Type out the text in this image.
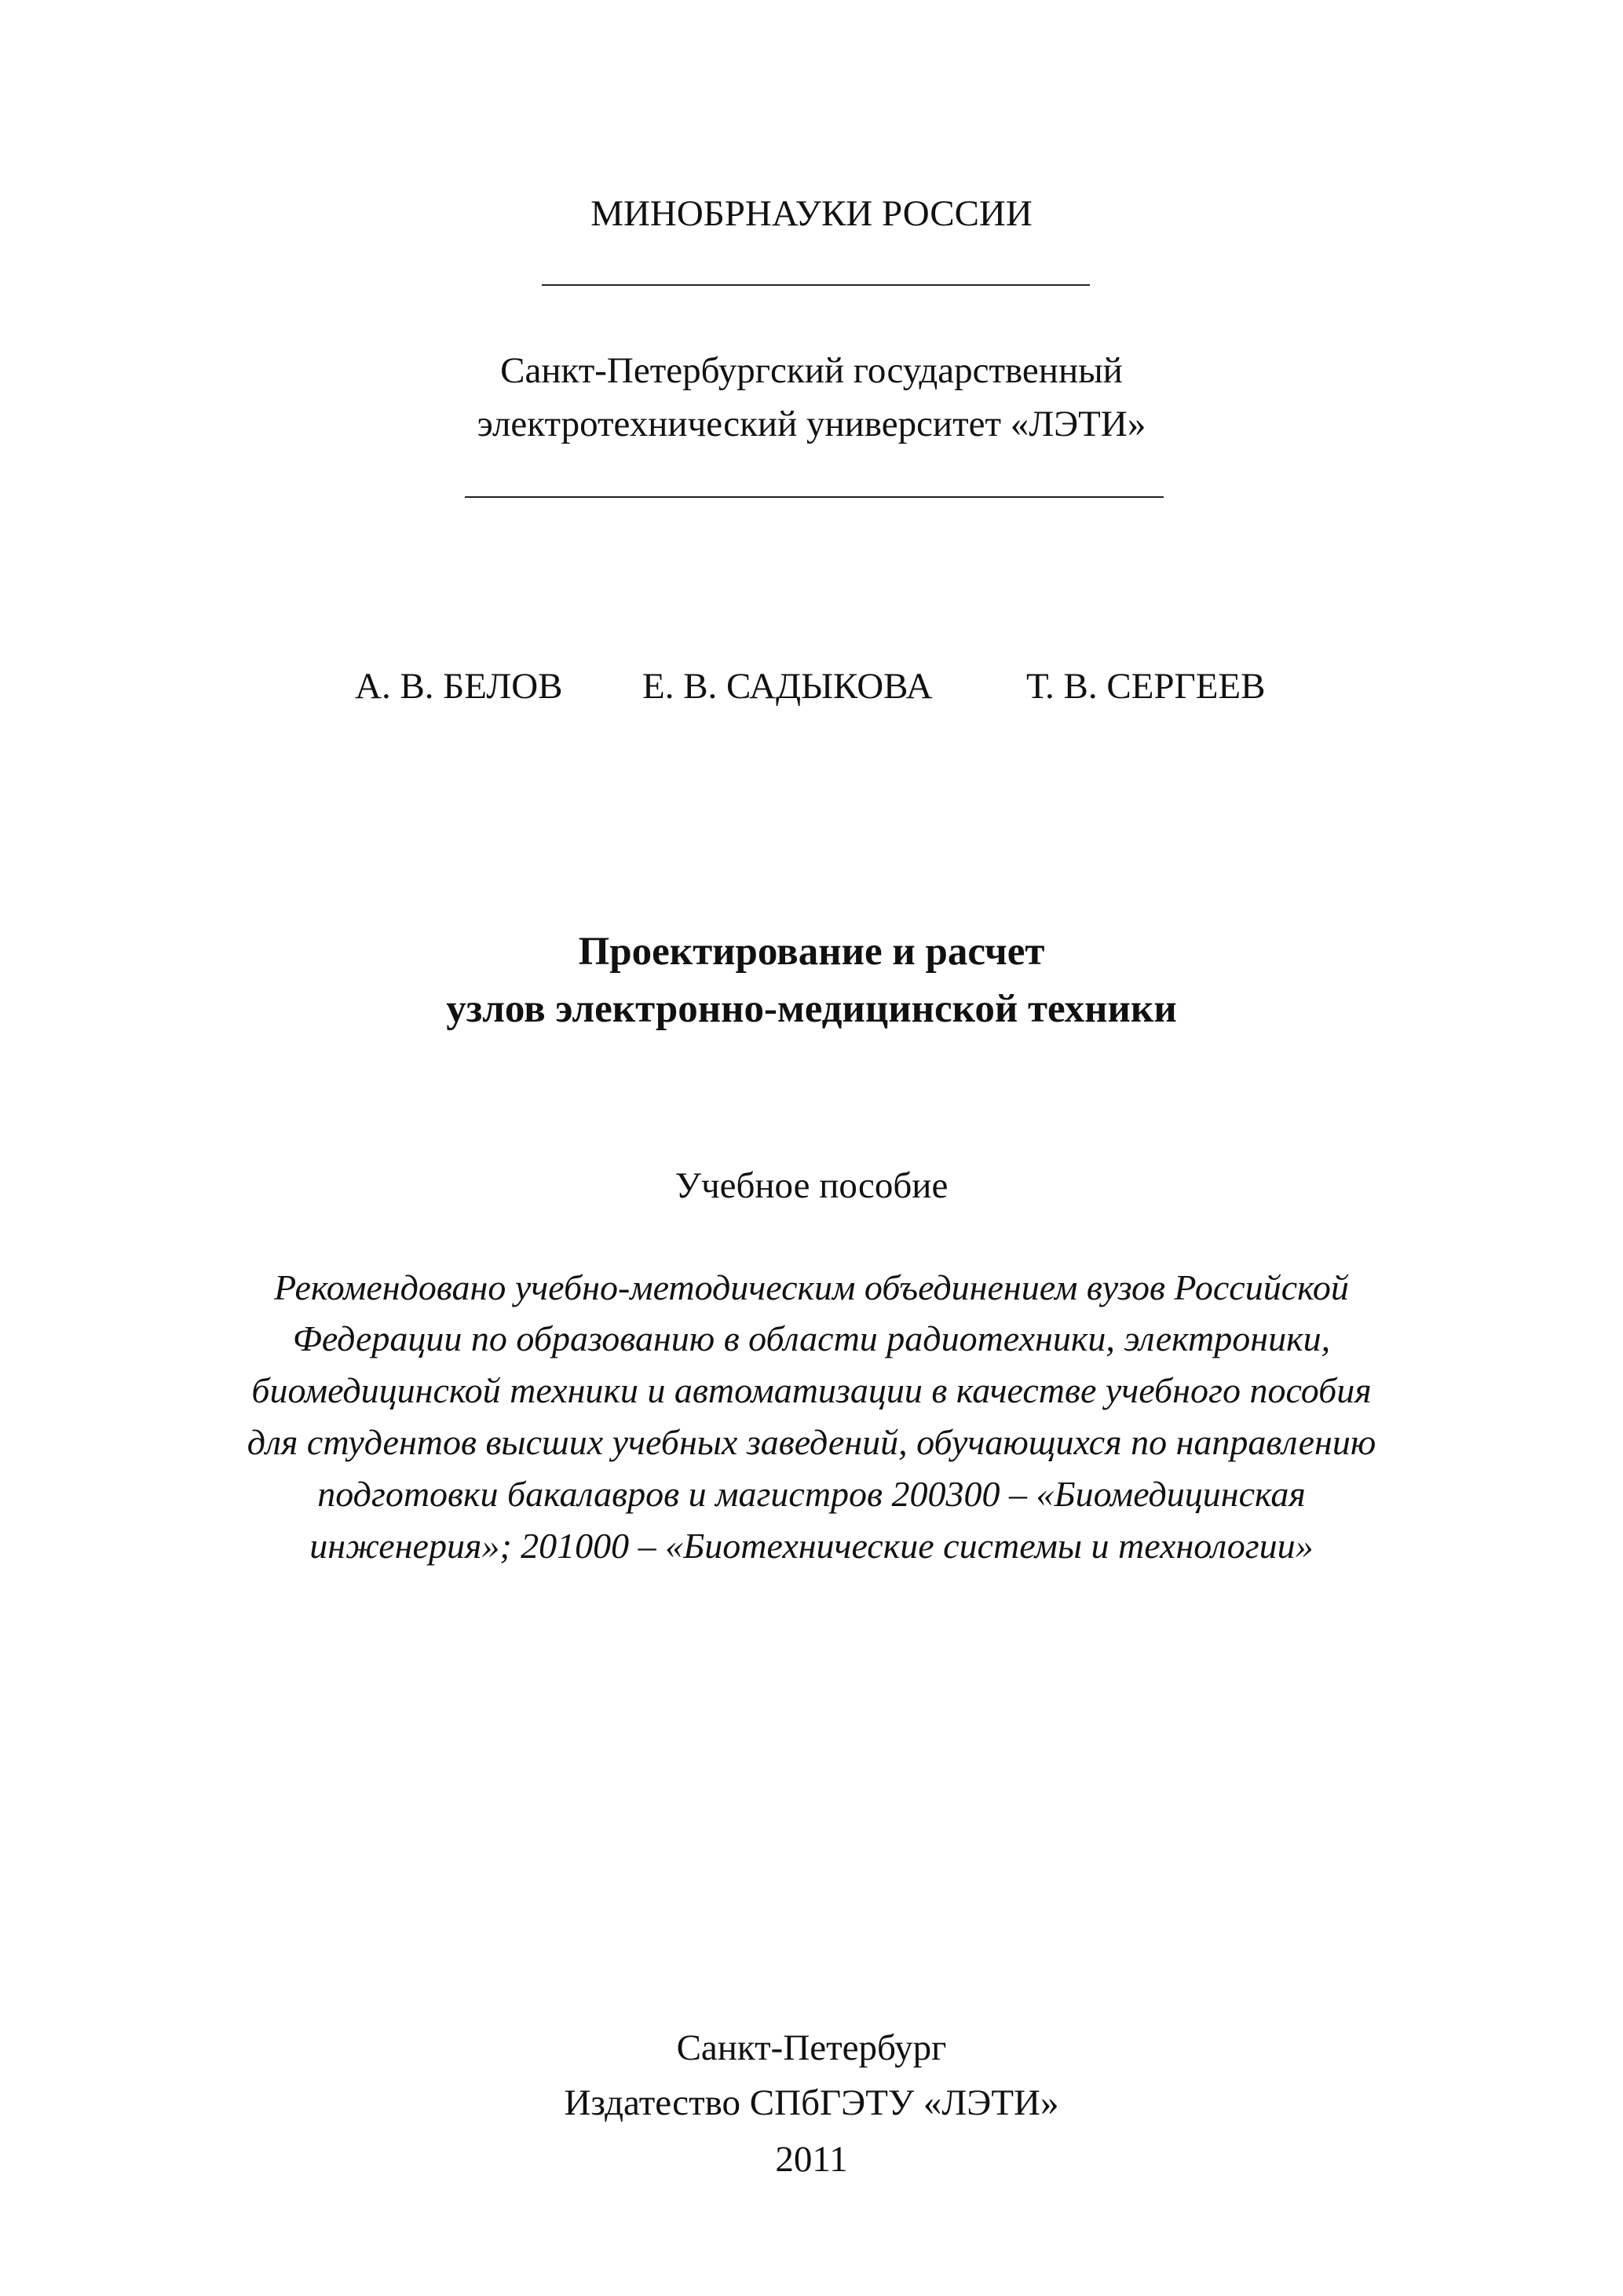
МИНОБРНАУКИ РОССИИ
Санкт-Петербургский государственный
электротехнический университет «ЛЭТИ»
А. В. БЕЛОВ Е. В. САДЫКОВА	Т. В. СЕРГЕЕВ
Проектирование и расчет
узлов электронно-медицинской техники
Учебное пособие
Рекомендовано учебно-методическим объединением вузов Российской
Федерации по образованию в области радиотехники, электроники,
биомедицинской техники и автоматизации в качестве учебного пособия
для студентов высших учебных заведений, обучающихся по направлению
подготовки бакалавров и магистров 200300 – «Биомедицинская
инженерия»; 201000 – «Биотехнические системы и технологии»
Санкт-Петербург
Издатество СПбГЭТУ «ЛЭТИ»
2011
